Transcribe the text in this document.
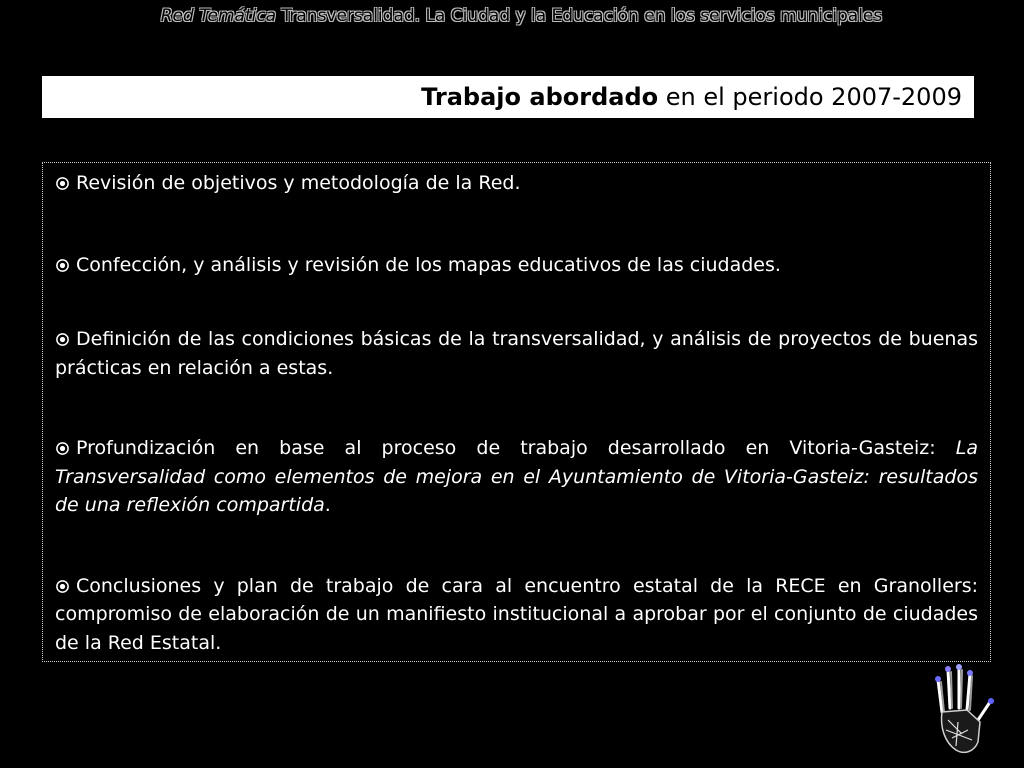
Red Temática Transversalidad. La Ciudad y la Educación en los servicios municipales
Trabajo abordado en el periodo 2007-2009

Revisión de objetivos y metodología de la Red.

Confección, y análisis y revisión de los mapas educativos de las ciudades.

Definición de las condiciones básicas de la transversalidad, y análisis de proyectos de buenas prácticas en relación a estas.

Profundización en base al proceso de trabajo desarrollado en Vitoria-Gasteiz: La Transversalidad como elementos de mejora en el Ayuntamiento de Vitoria-Gasteiz: resultados de una reflexión compartida.

Conclusiones y plan de trabajo de cara al encuentro estatal de la RECE en Granollers: compromiso de elaboración de un manifiesto institucional a aprobar por el conjunto de ciudades de la Red Estatal.
